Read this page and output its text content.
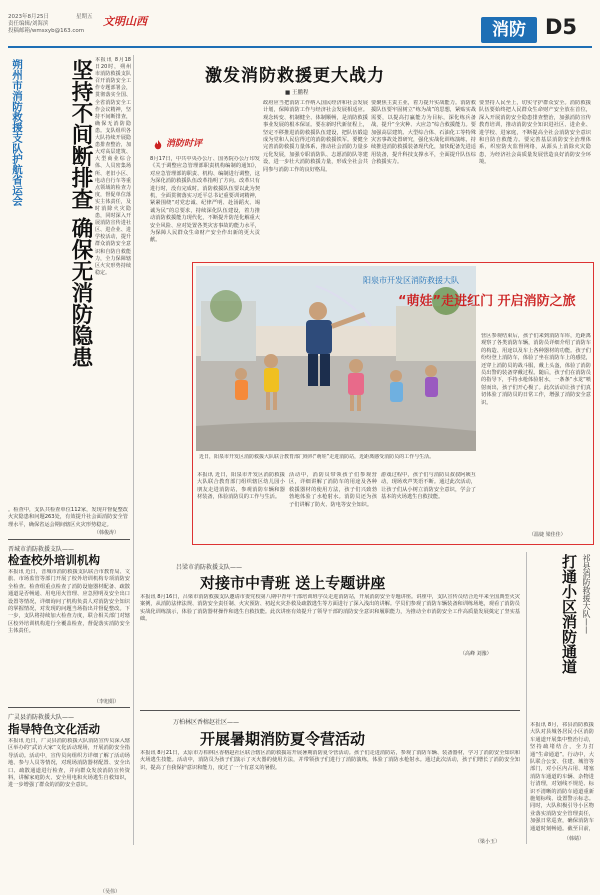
2023年8月25日	星期五
责任编辑/刘海滨
投稿邮箱/wmsxyb@163.com
文明山西	消防 D5
朔州市消防救援支队护航省运会	坚持不间断排查 确保无消防隐患 本报讯 8月18日20时，朔州市消防救援支队召开消防安全工作专题部署会，贯彻落实全国、全省消防安全工作会议精神，坚持不间断排查，确保无消防隐患。支队组织各大队持续开展隐患排查整治，加大对高层建筑、大型商业综合体、人员密集场所、老旧小区、电动自行车等重点领域的检查力度，督促单位落实主体责任，及时消除火灾隐患，同时深入开展消防宣传进社区、进企业、进学校活动，提升群众消防安全意识和自防自救能力，全力保障辖区火灾形势持续稳定。
。检查中，支队共检查单位112家，发现并督促整改火灾隐患和问题263处，有效提升社会面消防安全管理水平，确保省运会期间辖区火灾形势稳定。
（韩俊涛）
晋城市消防救援支队——
检查校外培训机构
本报讯 近日，晋城市消防救援支队联合市教育局、文旅、市场监管等部门开展了校外培训机构专项消防安全检查。检查组重点检查了消防设施器材配备、疏散通道是否畅通、用电用火管理、应急照明及安全出口设置等情况，详细询问了机构负责人对消防安全知识的掌握情况，对发现的问题当场指出并督促整改。下一步，支队将持续加大检查力度，联合相关部门对辖区校外培训机构进行全覆盖检查，督促落实消防安全主体责任。
（李旭娟）
广灵县消防救援大队——
指导特色文化活动
本报讯 近日，广灵县消防救援大队消防宣传员深入辖区举办的“武访大家”文化活动现场，开展消防安全指导活动。活动中，宣传员向组织方详细了解了活动场地、参与人员等情况，对现场消防器材配置、安全出口、疏散通道进行检查，并向群众发放消防宣传资料，讲解家庭防火、安全用电和火场逃生自救知识，进一步增强了群众的消防安全意识。
（吴伟）
激发消防救援更大战力
■ 王鹏程
消防时评
8月17日，中共中央办公厅、国务院办公厅印发《关于调整应急管理部职责机构编制的通知》，对应急管理部的职责、机构、编制进行调整，这为深化消防救援队伍改革指明了方向。改革只有进行时，没有完成时。消防救援队伍要以此为契机，全面贯彻落实习近平总书记重要训词精神，紧紧围绕“对党忠诚、纪律严明、赴汤蹈火、竭诚为民”的总要求，持续深化队伍建设，着力推动消防救援能力现代化，不断提升防范化解重大安全风险、应对处置各类灾害事故的能力水平，为保障人民群众生命财产安全作出新的更大贡献。
政府应当把消防工作纳入国民经济和社会发展计划，保障消防工作与经济社会发展相适应。观念转变、机制健全、体制顺畅，是消防救援事业发展的根本保证。要在新时代新征程上，坚定不移推进消防救援队伍建设，把队伍锻造成为党和人民信得过的消防救援铁军。要健全完善消防救援力量体系，推动社会消防力量多元化发展，加强专职消防队、志愿消防队等建设，进一步壮大消防救援力量，形成全社会共同参与消防工作的良好格局。
要聚焦主责主业，着力提升实战能力。消防救援队伍要牢固树立“练为战”的思想，紧贴实战需要，以提高打赢能力为目标，深化练兵备战，提升“全灾种、大应急”综合救援能力。要加强高层建筑、大型综合体、石油化工等特殊灾害事故处置研究，强化实战化训练演练，持续推进消防救援装备现代化，加快配备先进适用装备，提升科技支撑水平，全面提升队伍综合救援实力。
要坚持人民至上，切实守护群众安全。消防救援队伍要始终把人民群众生命财产安全放在首位，深入开展消防安全隐患排查整治，加强消防宣传教育培训，推动消防安全知识进社区、进企业、进学校、进家庭，不断提高全社会消防安全意识和自防自救能力。要完善基层消防安全治理体系，织密防火监督网络，从源头上消除火灾隐患，为经济社会高质量发展营造良好消防安全环境。
近日，阳泉市开发区消防救援大队联合教育部门组织“萌娃”走进消防站，近距离感受消防员的工作与生活。
阳泉市开发区消防救援大队
“萌娃”走进红门 开启消防之旅
本报讯 近日，阳泉市开发区消防救援大队联合教育部门组织辖区幼儿园小朋友走进消防站，参观消防车辆和器材装备，体验消防员的工作与生活。
活动中，消防员带领孩子们参观营区，详细讲解了消防车的用途及各种救援器材的使用方法，孩子们兴致勃勃地体验了水枪射水。消防员还为孩子们讲解了防火、防电等安全知识。
游戏过程中，孩子们与消防员叔叔阿姨互动，现场欢声笑语不断。通过此次活动，让孩子们从小树立消防安全意识，学会了基本的火场逃生自救技能。
营区参观结束后，孩子们来到消防车库，近距离观察了各类消防车辆，消防员详细介绍了消防车的构造、用途以及车上各种器材的功能。孩子们纷纷登上消防车，体验了坐在消防车上的感觉，还穿上消防员的战斗服，戴上头盔，体验了消防员出警的装备穿戴过程。随后，孩子们在消防员的指导下，手持水枪体验射水，一条条“水龙”喷射而出，孩子们开心极了。此次活动让孩子们真切体验了消防员的日常工作，增强了消防安全意识。
（温婕 梁佳佳）
吕梁市消防救援支队——
对接市中青班 送上专题讲座
本报讯 8月16日，吕梁市消防救援支队邀请市委党校第八期中青年干部培训班学员走进消防站，开展消防安全专题讲座。讲座中，支队宣传员结合近年来全国典型火灾案例，从消防法律法规、消防安全责任制、火灾预防、初起火灾扑救及疏散逃生等方面进行了深入浅出的讲解。学员们参观了消防车辆装备和训练场地，观看了消防员实战化训练演示，体验了消防器材操作和逃生自救技能。此次讲座有效提升了领导干部的消防安全意识和履职能力，为推动全市消防安全工作高质量发展奠定了坚实基础。
（高峰 刘豫）
万柏林区香榕赵社区——
开展暑期消防夏令营活动
本报讯 8月21日，太原市万柏林区香榕赵社区联合辖区消防救援站开展暑期消防夏令营活动。孩子们走进消防站，参观了消防车辆、装备器材，学习了消防安全知识和火场逃生技能。活动中，消防员为孩子们演示了灭火器的使用方法，并带领孩子们进行了消防演练，体验了消防水枪射水。通过此次活动，孩子们增长了消防安全知识，提高了自我保护意识和能力，度过了一个有意义的暑假。
（梁小玉）
祁县消防救援大队——
打通小区消防通道
本报讯 8月，祁县消防救援大队对县城各居民小区消防车通道开展集中整治行动，坚持疏堵结合，全力打通“生命通道”。行动中，大队联合公安、住建、城管等部门，对小区内占用、堵塞消防车通道的车辆、杂物进行清理，对划线不规范、标识不清晰的消防车通道重新施划标线、设置警示标志。同时，大队积极引导小区物业落实消防安全管理责任，加强日常巡查，确保消防车通道时刻畅通。截至目前，
（韩婧）
